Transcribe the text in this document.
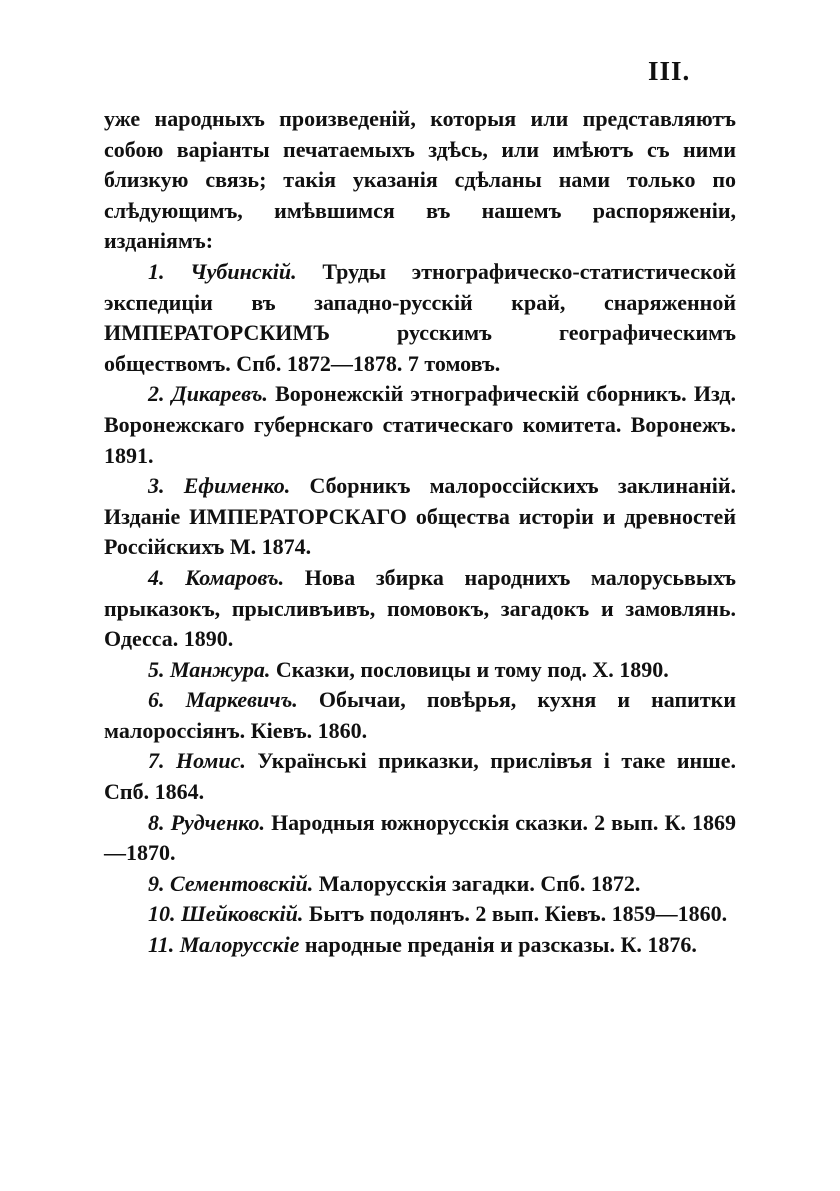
III.

уже народныхъ произведеній, которыя или представляютъ собою варіанты печатаемыхъ здѣсь, или имѣютъ съ ними близкую связь; такія указанія сдѣланы нами только по слѣдующимъ, имѣвшимся въ нашемъ распоряженіи, изданіямъ:

1. Чубинскій. Труды этнографическо-статистической экспедиціи въ западно-русскій край, снаряженной ИМПЕРАТОРСКИМЪ русскимъ географическимъ обществомъ. Спб. 1872—1878. 7 томовъ.

2. Дикаревъ. Воронежскій этнографическій сборникъ. Изд. Воронежскаго губернскаго статическаго комитета. Воронежъ. 1891.

3. Ефименко. Сборникъ малороссійскихъ заклинаній. Изданіе ИМПЕРАТОРСКАГО общества исторіи и древностей Россійскихъ М. 1874.

4. Комаровъ. Нова збирка народнихъ малорусьвыхъ прыказокъ, прысливъивъ, помовокъ, загадокъ и замовлянь. Одесса. 1890.

5. Манжура. Сказки, пословицы и тому под. Х. 1890.

6. Маркевичъ. Обычаи, повѣрья, кухня и напитки малороссіянъ. Кіевъ. 1860.

7. Номис. Українські приказки, прислівъя і таке инше. Спб. 1864.

8. Рудченко. Народныя южнорусскія сказки. 2 вып. К. 1869—1870.

9. Сементовскій. Малорусскія загадки. Спб. 1872.

10. Шейковскій. Бытъ подолянъ. 2 вып. Кіевъ. 1859—1860.

11. Малорусскіе народные преданія и разсказы. К. 1876.
